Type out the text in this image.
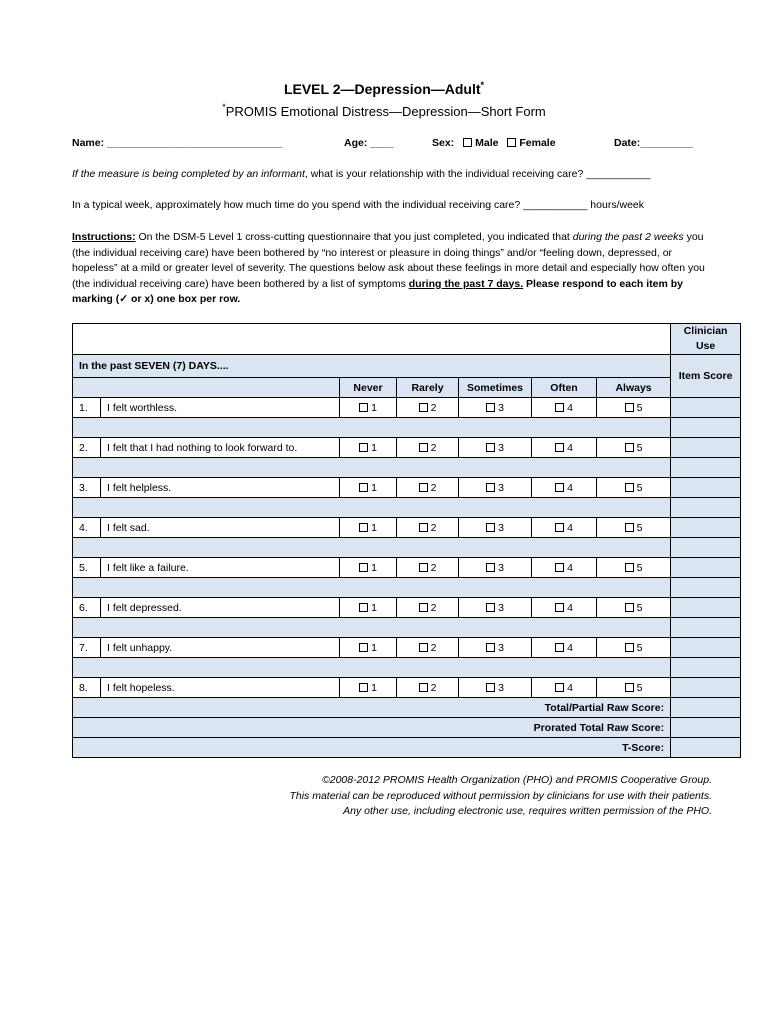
LEVEL 2—Depression—Adult*
*PROMIS Emotional Distress—Depression—Short Form
Name: ______________________________	Age: ____	Sex: Male Female	Date:_________
If the measure is being completed by an informant, what is your relationship with the individual receiving care? ___________
In a typical week, approximately how much time do you spend with the individual receiving care? ___________ hours/week
Instructions: On the DSM-5 Level 1 cross-cutting questionnaire that you just completed, you indicated that during the past 2 weeks you (the individual receiving care) have been bothered by “no interest or pleasure in doing things” and/or “feeling down, depressed, or hopeless” at a mild or greater level of severity. The questions below ask about these feelings in more detail and especially how often you (the individual receiving care) have been bothered by a list of symptoms during the past 7 days. Please respond to each item by marking (✓ or x) one box per row.
							Clinician Use
In the past SEVEN (7) DAYS....							Item Score
		Never	Rarely	Sometimes	Often	Always	
1.	I felt worthless.	1	2	3	4	5	

2.	I felt that I had nothing to look forward to.	1	2	3	4	5	

3.	I felt helpless.	1	2	3	4	5	

4.	I felt sad.	1	2	3	4	5	

5.	I felt like a failure.	1	2	3	4	5	

6.	I felt depressed.	1	2	3	4	5	

7.	I felt unhappy.	1	2	3	4	5	

8.	I felt hopeless.	1	2	3	4	5	
Total/Partial Raw Score:							
Prorated Total Raw Score:							
T-Score:							
©2008-2012 PROMIS Health Organization (PHO) and PROMIS Cooperative Group.
This material can be reproduced without permission by clinicians for use with their patients.
Any other use, including electronic use, requires written permission of the PHO.
